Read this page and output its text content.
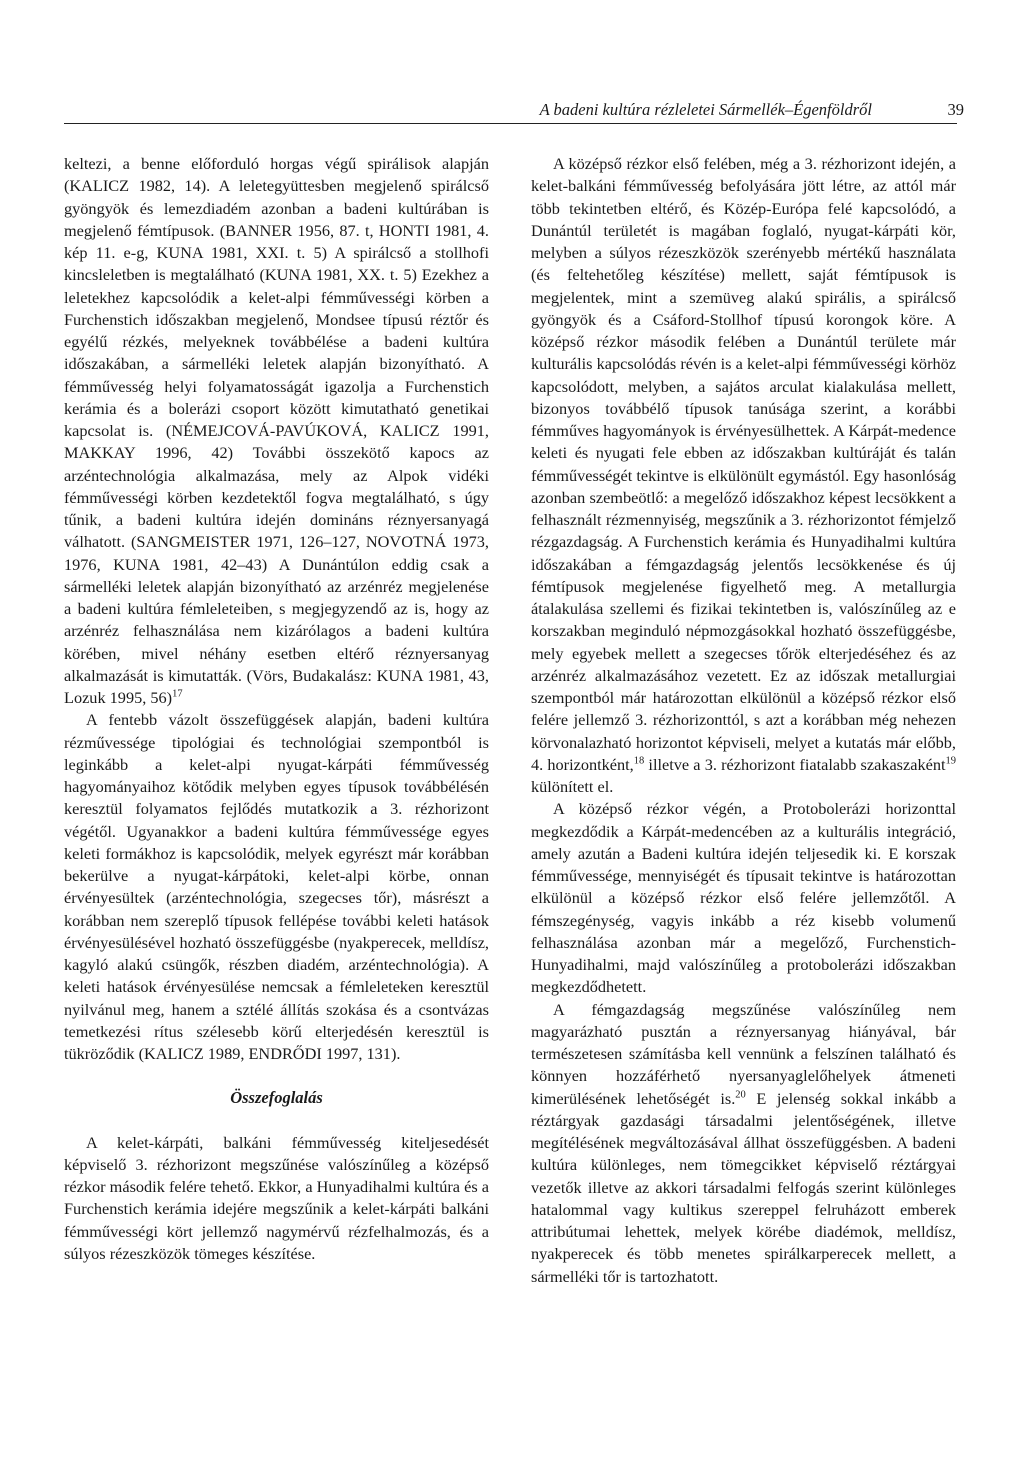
A badeni kultúra rézleletei Sármellék–Égenföldről	39

keltezi, a benne előforduló horgas végű spirálisok alapján (KALICZ 1982, 14). A leletegyüttesben megjelenő spirálcső gyöngyök és lemezdiadém azonban a badeni kultúrában is megjelenő fémtípusok. (BANNER 1956, 87. t, HONTI 1981, 4. kép 11. e-g, KUNA 1981, XXI. t. 5) A spirálcső a stollhofi kincsleletben is megtalálható (KUNA 1981, XX. t. 5) Ezekhez a leletekhez kapcsolódik a kelet-alpi fémművességi körben a Furchenstich időszakban megjelenő, Mondsee típusú réztőr és egyélű rézkés, melyeknek továbbélése a badeni kultúra időszakában, a sármelléki leletek alapján bizonyítható. A fémművesség helyi folyamatosságát igazolja a Furchenstich kerámia és a bolerázi csoport között kimutatható genetikai kapcsolat is. (NÉMEJCOVÁ-PAVÚKOVÁ, KALICZ 1991, MAKKAY 1996, 42) További összekötő kapocs az arzéntechnológia alkalmazása, mely az Alpok vidéki fémművességi körben kezdetektől fogva megtalálható, s úgy tűnik, a badeni kultúra idején domináns réznyersanyagá válhatott. (SANGMEISTER 1971, 126–127, NOVOTNÁ 1973, 1976, KUNA 1981, 42–43) A Dunántúlon eddig csak a sármelléki leletek alapján bizonyítható az arzénréz megjelenése a badeni kultúra fémleleteiben, s megjegyzendő az is, hogy az arzénréz felhasználása nem kizárólagos a badeni kultúra körében, mivel néhány esetben eltérő réznyersanyag alkalmazását is kimutatták. (Vörs, Budakalász: KUNA 1981, 43, Lozuk 1995, 56)$^{17}$

A fentebb vázolt összefüggések alapján, badeni kultúra rézművessége tipológiai és technológiai szempontból is leginkább a kelet-alpi nyugat-kárpáti fémművesség hagyományaihoz kötődik melyben egyes típusok továbbélésén keresztül folyamatos fejlődés mutatkozik a 3. rézhorizont végétől. Ugyanakkor a badeni kultúra fémművessége egyes keleti formákhoz is kapcsolódik, melyek egyrészt már korábban bekerülve a nyugat-kárpátoki, kelet-alpi körbe, onnan érvényesültek (arzéntechnológia, szegecses tőr), másrészt a korábban nem szereplő típusok fellépése további keleti hatások érvényesülésével hozható összefüggésbe (nyakperecek, melldísz, kagyló alakú csüngők, részben diadém, arzéntechnológia). A keleti hatások érvényesülése nemcsak a fémleleteken keresztül nyilvánul meg, hanem a sztélé állítás szokása és a csontvázas temetkezési rítus szélesebb körű elterjedésén keresztül is tükröződik (KALICZ 1989, ENDRŐDI 1997, 131).

Összefoglalás

A kelet-kárpáti, balkáni fémművesség kiteljesedését képviselő 3. rézhorizont megszűnése valószínűleg a középső rézkor második felére tehető. Ekkor, a Hunyadihalmi kultúra és a Furchenstich kerámia idejére megszűnik a kelet-kárpáti balkáni fémművességi kört jellemző nagymérvű rézfelhalmozás, és a súlyos rézeszközök tömeges készítése.

A középső rézkor első felében, még a 3. rézhorizont idején, a kelet-balkáni fémművesség befolyására jött létre, az attól már több tekintetben eltérő, és Közép-Európa felé kapcsolódó, a Dunántúl területét is magában foglaló, nyugat-kárpáti kör, melyben a súlyos rézeszközök szerényebb mértékű használata (és feltehetőleg készítése) mellett, saját fémtípusok is megjelentek, mint a szemüveg alakú spirális, a spirálcső gyöngyök és a Csáford-Stollhof típusú korongok köre. A középső rézkor második felében a Dunántúl területe már kulturális kapcsolódás révén is a kelet-alpi fémművességi körhöz kapcsolódott, melyben, a sajátos arculat kialakulása mellett, bizonyos továbbélő típusok tanúsága szerint, a korábbi fémműves hagyományok is érvényesülhettek. A Kárpát-medence keleti és nyugati fele ebben az időszakban kultúráját és talán fémművességét tekintve is elkülönült egymástól. Egy hasonlóság azonban szembeötlő: a megelőző időszakhoz képest lecsökkent a felhasznált rézmennyiség, megszűnik a 3. rézhorizontot fémjelző rézgazdagság. A Furchenstich kerámia és Hunyadihalmi kultúra időszakában a fémgazdagság jelentős lecsökkenése és új fémtípusok megjelenése figyelhető meg. A metallurgia átalakulása szellemi és fizikai tekintetben is, valószínűleg az e korszakban meginduló népmozgásokkal hozható összefüggésbe, mely egyebek mellett a szegecses tőrök elterjedéséhez és az arzénréz alkalmazásához vezetett. Ez az időszak metallurgiai szempontból már határozottan elkülönül a középső rézkor első felére jellemző 3. rézhorizonttól, s azt a korábban még nehezen körvonalazható horizontot képviseli, melyet a kutatás már előbb, 4. horizontként,$^{18}$ illetve a 3. rézhorizont fiatalabb szakaszaként$^{19}$ különített el.

A középső rézkor végén, a Protobolerázi horizonttal megkezdődik a Kárpát-medencében az a kulturális integráció, amely azután a Badeni kultúra idején teljesedik ki. E korszak fémművessége, mennyiségét és típusait tekintve is határozottan elkülönül a középső rézkor első felére jellemzőtől. A fémszegénység, vagyis inkább a réz kisebb volumenű felhasználása azonban már a megelőző, Furchenstich-Hunyadihalmi, majd valószínűleg a protobolerázi időszakban megkezdődhetett.

A fémgazdagság megszűnése valószínűleg nem magyarázható pusztán a réznyersanyag hiányával, bár természetesen számításba kell vennünk a felszínen található és könnyen hozzáférhető nyersanyaglelőhelyek átmeneti kimerülésének lehetőségét is.$^{20}$ E jelenség sokkal inkább a réztárgyak gazdasági társadalmi jelentőségének, illetve megítélésének megváltozásával állhat összefüggésben. A badeni kultúra különleges, nem tömegcikket képviselő réztárgyai vezetők illetve az akkori társadalmi felfogás szerint különleges hatalommal vagy kultikus szereppel felruházott emberek attribútumai lehettek, melyek körébe diadémok, melldísz, nyakperecek és több menetes spirálkarperecek mellett, a sármelléki tőr is tartozhatott.
